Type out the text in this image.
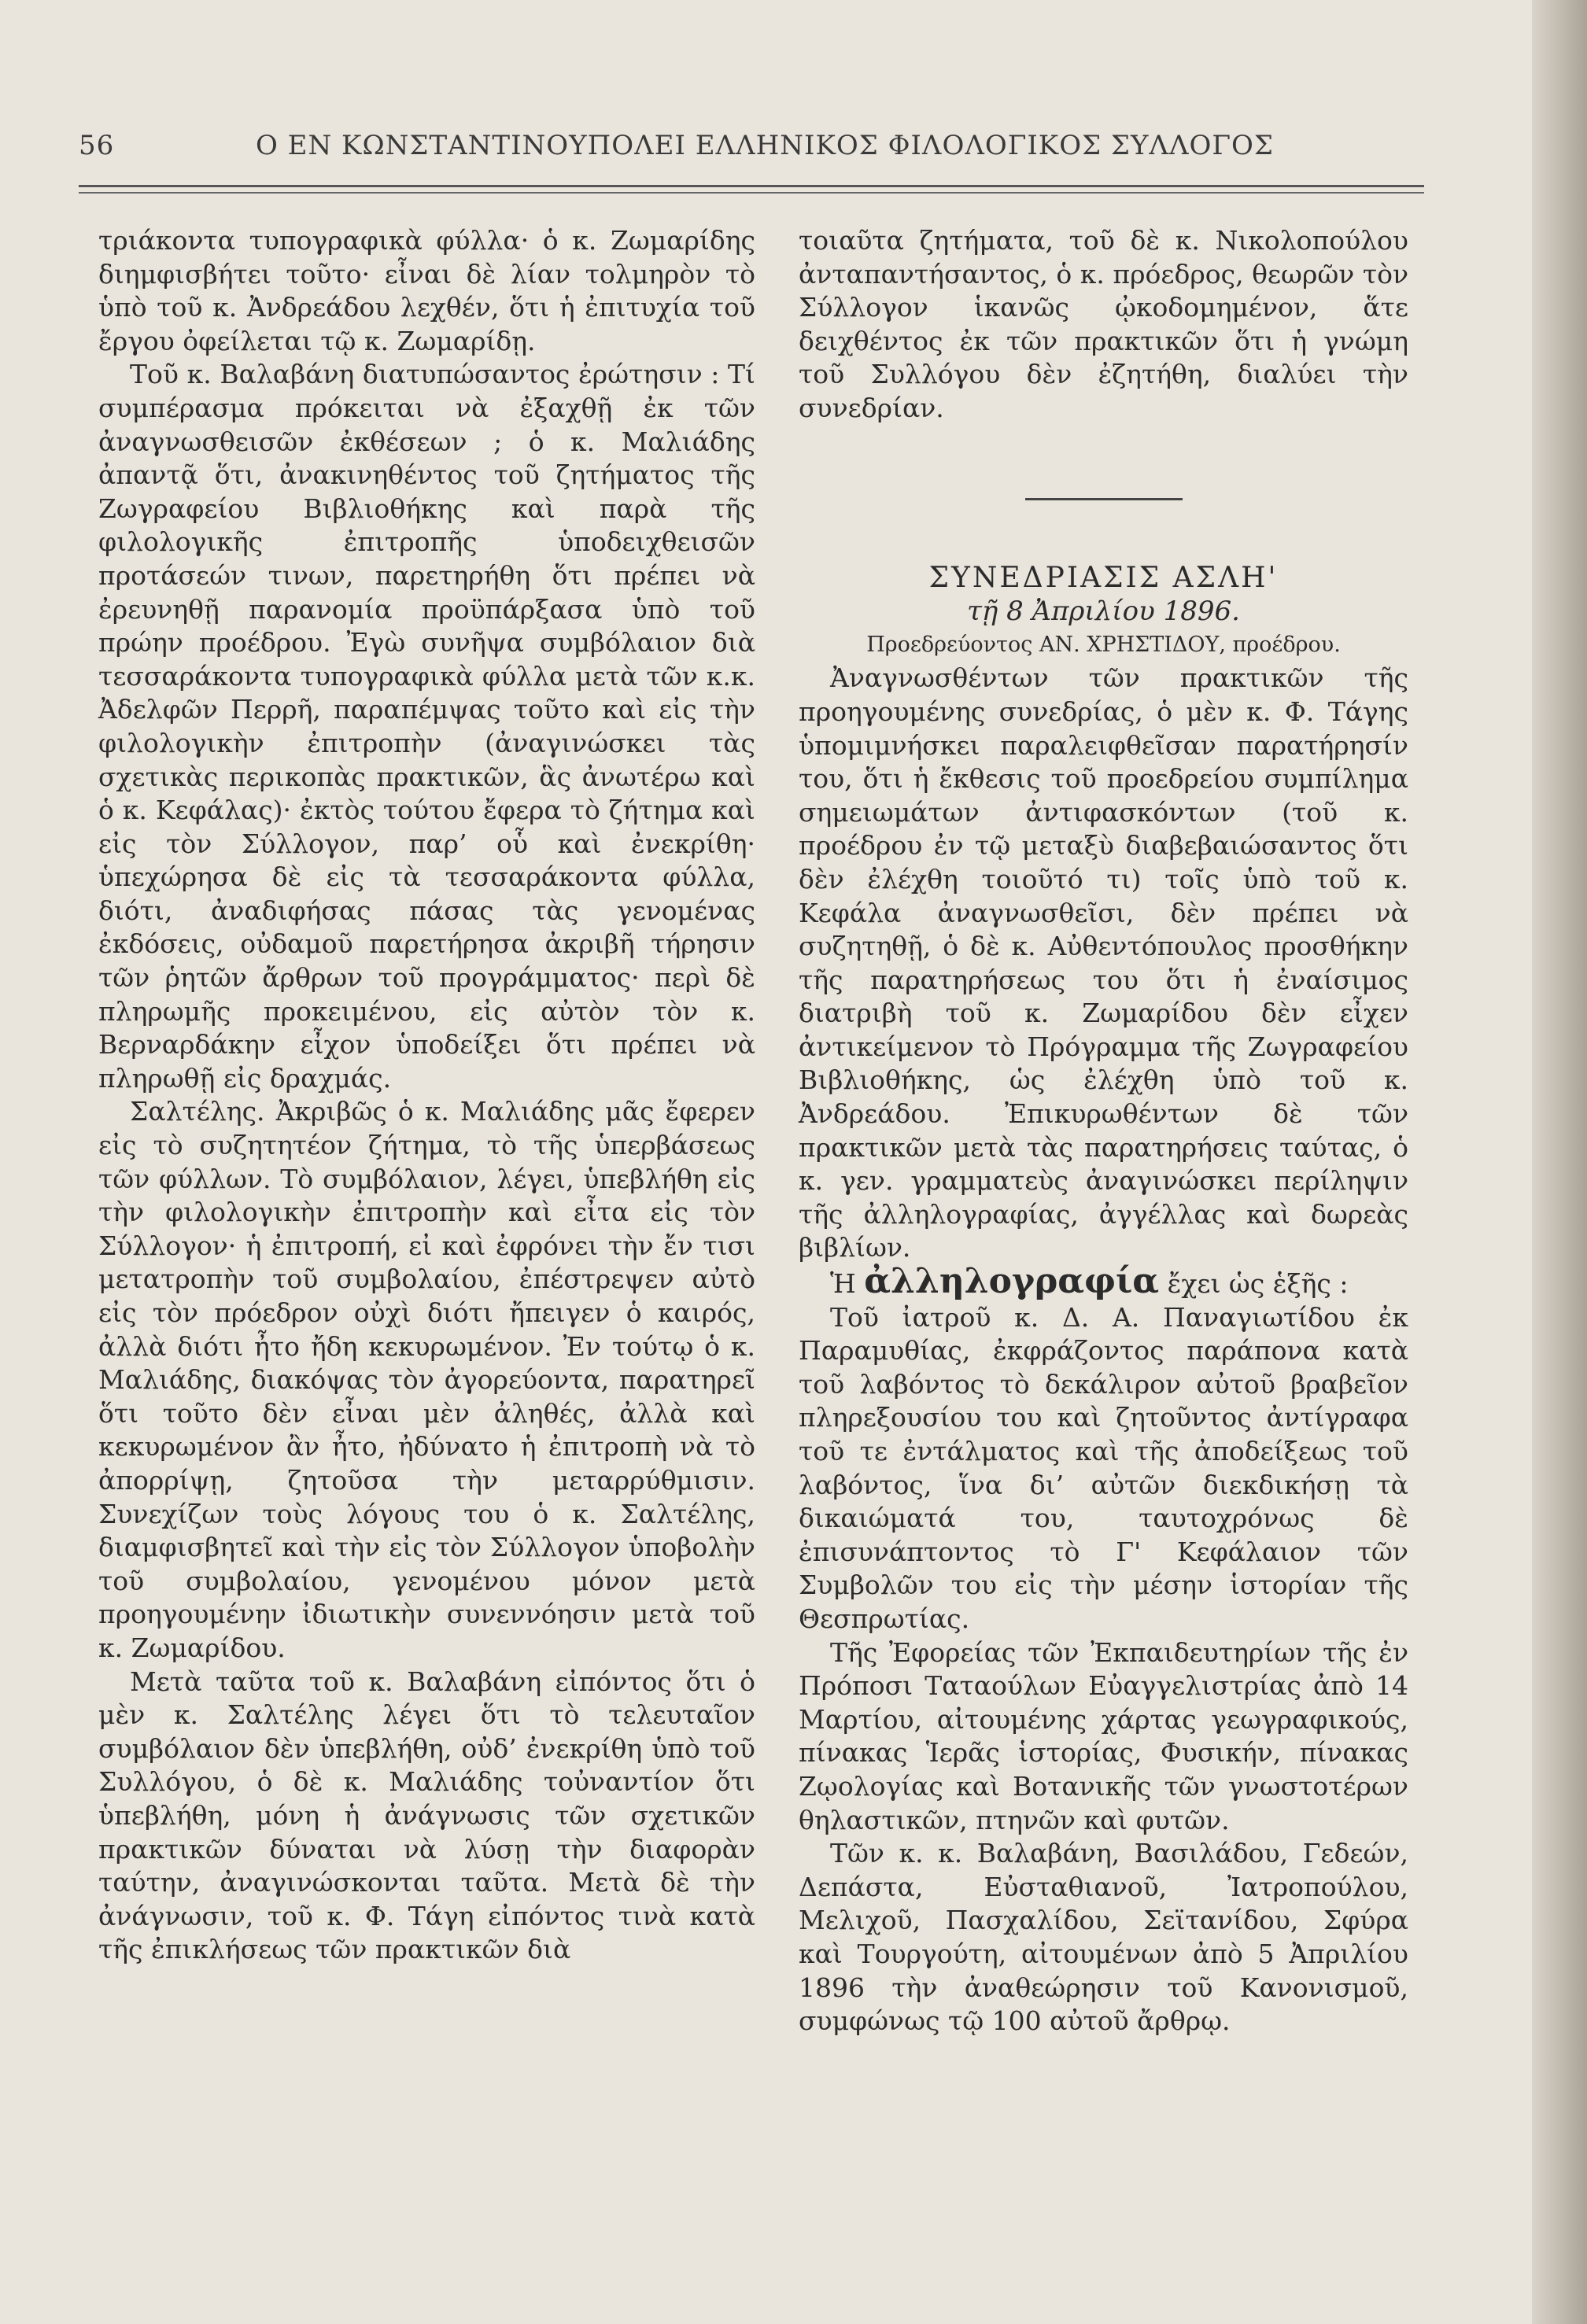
56	Ο ΕΝ ΚΩΝΣΤΑΝΤΙΝΟΥΠΟΛΕΙ ΕΛΛΗΝΙΚΟΣ ΦΙΛΟΛΟΓΙΚΟΣ ΣΥΛΛΟΓΟΣ

τριάκοντα τυπογραφικὰ φύλλα· ὁ κ. Ζωμαρίδης διημφισβήτει τοῦτο· εἶναι δὲ λίαν τολμηρὸν τὸ ὑπὸ τοῦ κ. Ἀνδρεάδου λεχθέν, ὅτι ἡ ἐπιτυχία τοῦ ἔργου ὀφείλεται τῷ κ. Ζωμαρίδῃ.

Τοῦ κ. Βαλαβάνη διατυπώσαντος ἐρώτησιν : Τί συμπέρασμα πρόκειται νὰ ἐξαχθῇ ἐκ τῶν ἀναγνωσθεισῶν ἐκθέσεων ; ὁ κ. Μαλιάδης ἀπαντᾷ ὅτι, ἀνακινηθέντος τοῦ ζητήματος τῆς Ζωγραφείου Βιβλιοθήκης καὶ παρὰ τῆς φιλολογικῆς ἐπιτροπῆς ὑποδειχθεισῶν προτάσεών τινων, παρετηρήθη ὅτι πρέπει νὰ ἐρευνηθῇ παρανομία προϋπάρξασα ὑπὸ τοῦ πρώην προέδρου. Ἐγὼ συνῆψα συμβόλαιον διὰ τεσσαράκοντα τυπογραφικὰ φύλλα μετὰ τῶν κ.κ. Ἀδελφῶν Περρῆ, παραπέμψας τοῦτο καὶ εἰς τὴν φιλολογικὴν ἐπιτροπὴν (ἀναγινώσκει τὰς σχετικὰς περικοπὰς πρακτικῶν, ἃς ἀνωτέρω καὶ ὁ κ. Κεφάλας)· ἐκτὸς τούτου ἔφερα τὸ ζήτημα καὶ εἰς τὸν Σύλλογον, παρ’ οὗ καὶ ἐνεκρίθη· ὑπεχώρησα δὲ εἰς τὰ τεσσαράκοντα φύλλα, διότι, ἀναδιφήσας πάσας τὰς γενομένας ἐκδόσεις, οὐδαμοῦ παρετήρησα ἀκριβῆ τήρησιν τῶν ῥητῶν ἄρθρων τοῦ προγράμματος· περὶ δὲ πληρωμῆς προκειμένου, εἰς αὐτὸν τὸν κ. Βερναρδάκην εἶχον ὑποδείξει ὅτι πρέπει νὰ πληρωθῇ εἰς δραχμάς.

Σαλτέλης. Ἀκριβῶς ὁ κ. Μαλιάδης μᾶς ἔφερεν εἰς τὸ συζητητέον ζήτημα, τὸ τῆς ὑπερβάσεως τῶν φύλλων. Τὸ συμβόλαιον, λέγει, ὑπεβλήθη εἰς τὴν φιλολογικὴν ἐπιτροπὴν καὶ εἶτα εἰς τὸν Σύλλογον· ἡ ἐπιτροπή, εἰ καὶ ἐφρόνει τὴν ἔν τισι μετατροπὴν τοῦ συμβολαίου, ἐπέστρεψεν αὐτὸ εἰς τὸν πρόεδρον οὐχὶ διότι ἤπειγεν ὁ καιρός, ἀλλὰ διότι ἦτο ἤδη κεκυρωμένον. Ἐν τούτῳ ὁ κ. Μαλιάδης, διακόψας τὸν ἀγορεύοντα, παρατηρεῖ ὅτι τοῦτο δὲν εἶναι μὲν ἀληθές, ἀλλὰ καὶ κεκυρωμένον ἂν ἦτο, ἠδύνατο ἡ ἐπιτροπὴ νὰ τὸ ἀπορρίψῃ, ζητοῦσα τὴν μεταρρύθμισιν. Συνεχίζων τοὺς λόγους του ὁ κ. Σαλτέλης, διαμφισβητεῖ καὶ τὴν εἰς τὸν Σύλλογον ὑποβολὴν τοῦ συμβολαίου, γενομένου μόνον μετὰ προηγουμένην ἰδιωτικὴν συνεννόησιν μετὰ τοῦ κ. Ζωμαρίδου.

Μετὰ ταῦτα τοῦ κ. Βαλαβάνη εἰπόντος ὅτι ὁ μὲν κ. Σαλτέλης λέγει ὅτι τὸ τελευταῖον συμβόλαιον δὲν ὑπεβλήθη, οὐδ’ ἐνεκρίθη ὑπὸ τοῦ Συλλόγου, ὁ δὲ κ. Μαλιάδης τοὐναντίον ὅτι ὑπεβλήθη, μόνη ἡ ἀνάγνωσις τῶν σχετικῶν πρακτικῶν δύναται νὰ λύσῃ τὴν διαφορὰν ταύτην, ἀναγινώσκονται ταῦτα. Μετὰ δὲ τὴν ἀνάγνωσιν, τοῦ κ. Φ. Τάγη εἰπόντος τινὰ κατὰ τῆς ἐπικλήσεως τῶν πρακτικῶν διὰ

τοιαῦτα ζητήματα, τοῦ δὲ κ. Νικολοπούλου ἀνταπαντήσαντος, ὁ κ. πρόεδρος, θεωρῶν τὸν Σύλλογον ἱκανῶς ᾠκοδομημένον, ἅτε δειχθέντος ἐκ τῶν πρακτικῶν ὅτι ἡ γνώμη τοῦ Συλλόγου δὲν ἐζητήθη, διαλύει τὴν συνεδρίαν.

ΣΥΝΕΔΡΙΑΣΙΣ ΑΣΛΗ'

τῇ 8 Ἀπριλίου 1896.

Προεδρεύοντος ΑΝ. ΧΡΗΣΤΙΔΟΥ, προέδρου.

Ἀναγνωσθέντων τῶν πρακτικῶν τῆς προηγουμένης συνεδρίας, ὁ μὲν κ. Φ. Τάγης ὑπομιμνήσκει παραλειφθεῖσαν παρατήρησίν του, ὅτι ἡ ἔκθεσις τοῦ προεδρείου συμπίλημα σημειωμάτων ἀντιφασκόντων (τοῦ κ. προέδρου ἐν τῷ μεταξὺ διαβεβαιώσαντος ὅτι δὲν ἐλέχθη τοιοῦτό τι) τοῖς ὑπὸ τοῦ κ. Κεφάλα ἀναγνωσθεῖσι, δὲν πρέπει νὰ συζητηθῇ, ὁ δὲ κ. Αὐθεντόπουλος προσθήκην τῆς παρατηρήσεως του ὅτι ἡ ἐναίσιμος διατριβὴ τοῦ κ. Ζωμαρίδου δὲν εἶχεν ἀντικείμενον τὸ Πρόγραμμα τῆς Ζωγραφείου Βιβλιοθήκης, ὡς ἐλέχθη ὑπὸ τοῦ κ. Ἀνδρεάδου. Ἐπικυρωθέντων δὲ τῶν πρακτικῶν μετὰ τὰς παρατηρήσεις ταύτας, ὁ κ. γεν. γραμματεὺς ἀναγινώσκει περίληψιν τῆς ἀλληλογραφίας, ἀγγέλλας καὶ δωρεὰς βιβλίων.

Ἡ ἀλληλογραφία ἔχει ὡς ἑξῆς :

Τοῦ ἰατροῦ κ. Δ. Α. Παναγιωτίδου ἐκ Παραμυθίας, ἐκφράζοντος παράπονα κατὰ τοῦ λαβόντος τὸ δεκάλιρον αὐτοῦ βραβεῖον πληρεξουσίου του καὶ ζητοῦντος ἀντίγραφα τοῦ τε ἐντάλματος καὶ τῆς ἀποδείξεως τοῦ λαβόντος, ἵνα δι’ αὐτῶν διεκδικήσῃ τὰ δικαιώματά του, ταυτοχρόνως δὲ ἐπισυνάπτοντος τὸ Γ' Κεφάλαιον τῶν Συμβολῶν του εἰς τὴν μέσην ἱστορίαν τῆς Θεσπρωτίας.

Τῆς Ἐφορείας τῶν Ἐκπαιδευτηρίων τῆς ἐν Πρόποσι Ταταούλων Εὐαγγελιστρίας ἀπὸ 14 Μαρτίου, αἰτουμένης χάρτας γεωγραφικούς, πίνακας Ἱερᾶς ἱστορίας, Φυσικήν, πίνακας Ζῳολογίας καὶ Βοτανικῆς τῶν γνωστοτέρων θηλαστικῶν, πτηνῶν καὶ φυτῶν.

Τῶν κ. κ. Βαλαβάνη, Βασιλάδου, Γεδεών, Δεπάστα, Εὐσταθιανοῦ, Ἰατροπούλου, Μελιχοῦ, Πασχαλίδου, Σεϊτανίδου, Σφύρα καὶ Τουργούτη, αἰτουμένων ἀπὸ 5 Ἀπριλίου 1896 τὴν ἀναθεώρησιν τοῦ Κανονισμοῦ, συμφώνως τῷ 100 αὐτοῦ ἄρθρῳ.
